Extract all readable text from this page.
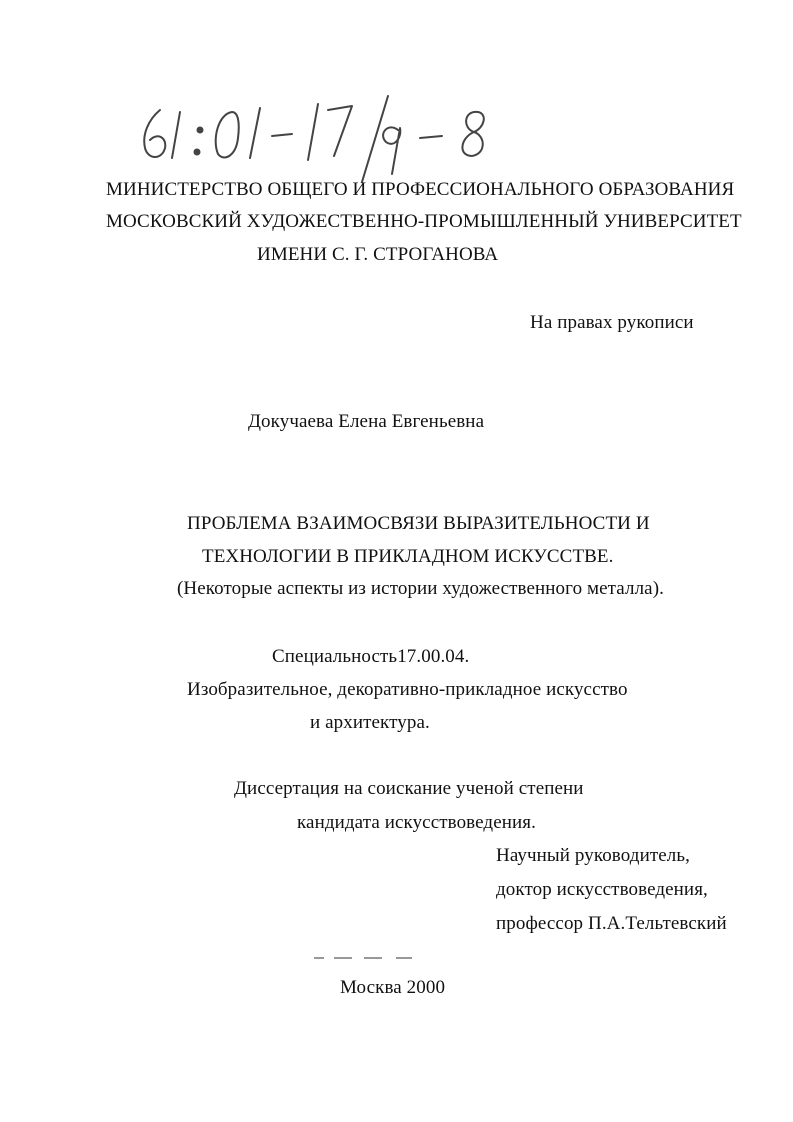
МИНИСТЕРСТВО ОБЩЕГО И ПРОФЕССИОНАЛЬНОГО ОБРАЗОВАНИЯ
МОСКОВСКИЙ ХУДОЖЕСТВЕННО-ПРОМЫШЛЕННЫЙ УНИВЕРСИТЕТ
ИМЕНИ С. Г. СТРОГАНОВА
На правах рукописи
Докучаева Елена Евгеньевна
ПРОБЛЕМА ВЗАИМОСВЯЗИ ВЫРАЗИТЕЛЬНОСТИ И
ТЕХНОЛОГИИ В ПРИКЛАДНОМ ИСКУССТВЕ.
(Некоторые аспекты из истории художественного металла).
Специальность17.00.04.
Изобразительное, декоративно-прикладное искусство
и архитектура.
Диссертация на соискание ученой степени
кандидата искусствоведения.
Научный руководитель,
доктор искусствоведения,
профессор П.А.Тельтевский
Москва 2000
